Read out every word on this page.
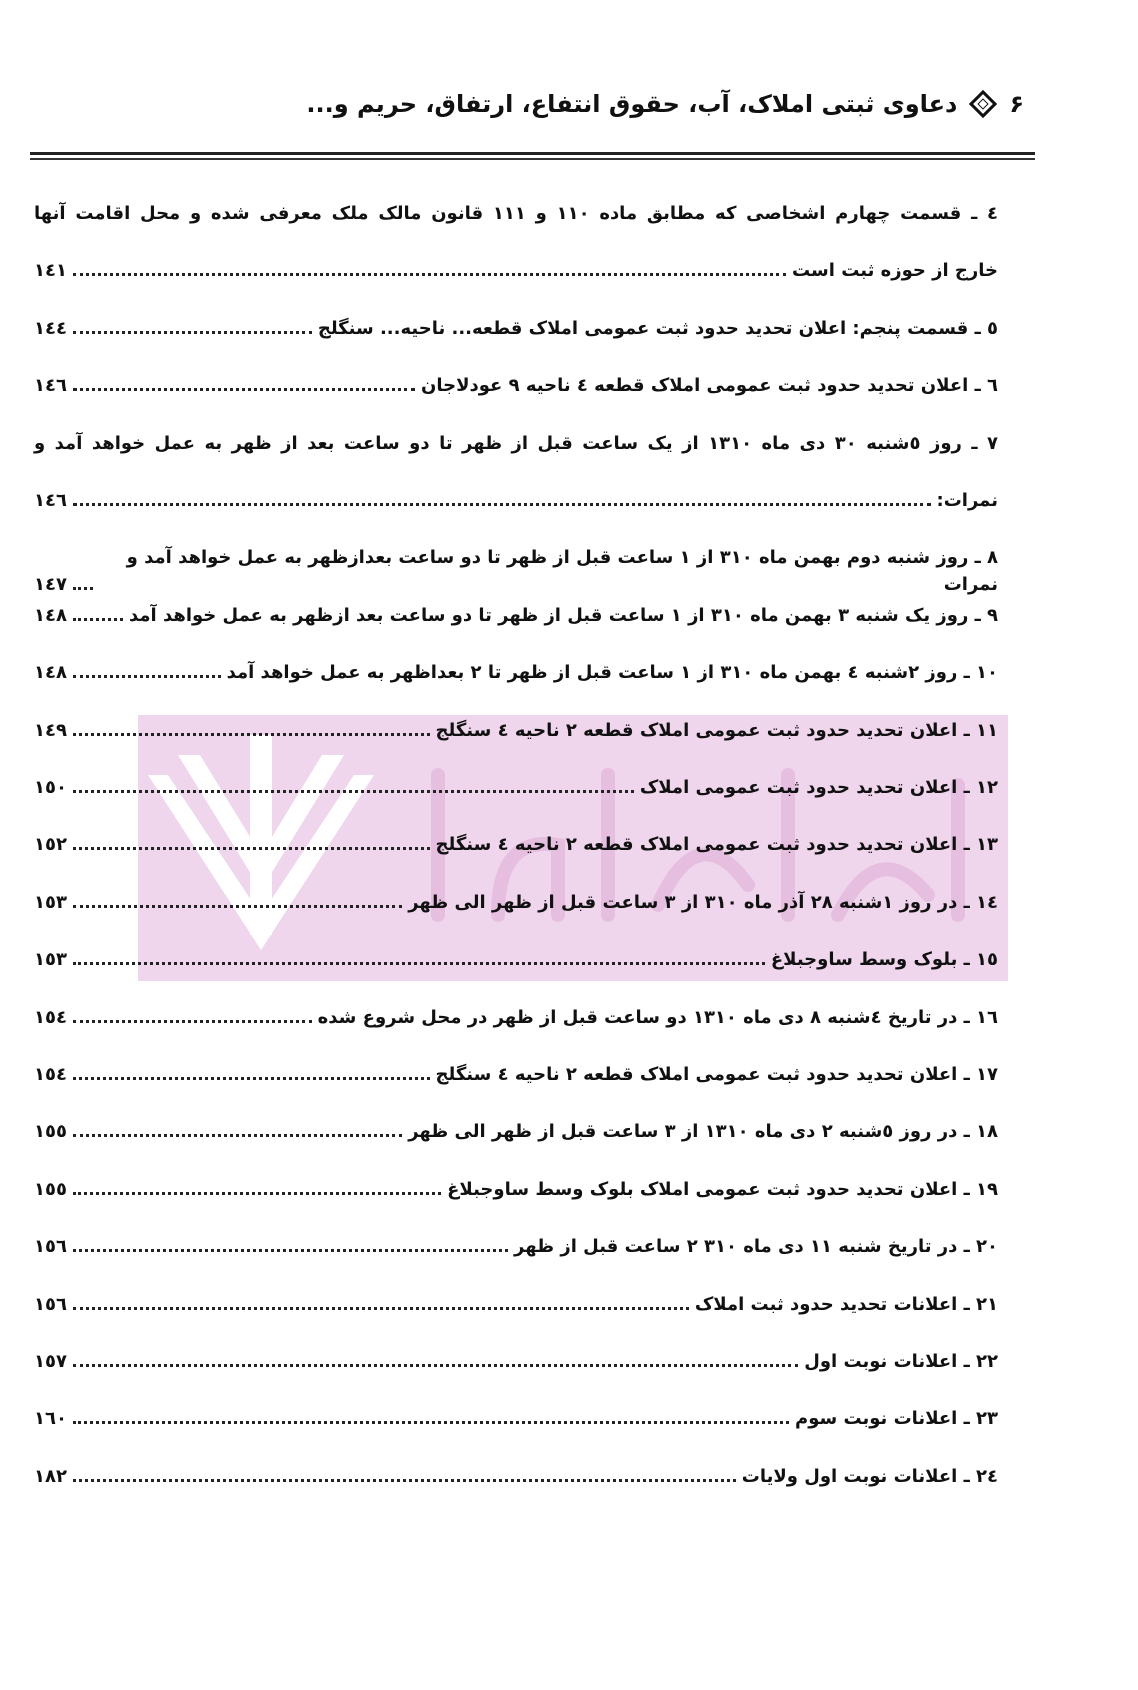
۶
دعاوی ثبتی املاک، آب، حقوق انتفاع، ارتفاق، حریم و...
٤ ـ قسمت چهارم اشخاصی که مطابق ماده ۱۱۰ و ۱۱۱ قانون مالک ملک معرفی شده و محل اقامت آنها
خارج از حوزه ثبت است
۱٤۱
٥ ـ قسمت پنجم: اعلان تحدید حدود ثبت عمومی املاک قطعه... ناحیه... سنگلج
۱٤٤
٦ ـ اعلان تحدید حدود ثبت عمومی املاک قطعه ٤ ناحیه ۹ عودلاجان
۱٤٦
۷ ـ روز ٥شنبه ۳۰ دی ماه ۱۳۱۰ از یک ساعت قبل از ظهر تا دو ساعت بعد از ظهر به عمل خواهد آمد و
نمرات:
۱٤٦
۸ ـ روز شنبه دوم بهمن ماه ۳۱۰ از ۱ ساعت قبل از ظهر تا دو ساعت بعدازظهر به عمل خواهد آمد و نمرات
۱٤۷
۹ ـ روز یک شنبه ۳ بهمن ماه ۳۱۰ از ۱ ساعت قبل از ظهر تا دو ساعت بعد ازظهر به عمل خواهد آمد
۱٤۸
۱۰ ـ روز ۲شنبه ٤ بهمن ماه ۳۱۰ از ۱ ساعت قبل از ظهر تا ۲ بعداظهر به عمل خواهد آمد
۱٤۸
۱۱ ـ اعلان تحدید حدود ثبت عمومی املاک قطعه ۲ ناحیه ٤ سنگلج
۱٤۹
۱۲ ـ اعلان تحدید حدود ثبت عمومی املاک
۱٥۰
۱۳ ـ اعلان تحدید حدود ثبت عمومی املاک قطعه ۲ ناحیه ٤ سنگلج
۱٥۲
۱٤ ـ در روز ۱شنبه ۲۸ آذر ماه ۳۱۰ از ۳ ساعت قبل از ظهر الی ظهر
۱٥۳
۱٥ ـ بلوک وسط ساوجبلاغ
۱٥۳
۱٦ ـ در تاریخ ٤شنبه ۸ دی ماه ۱۳۱۰ دو ساعت قبل از ظهر در محل شروع شده
۱٥٤
۱۷ ـ اعلان تحدید حدود ثبت عمومی املاک قطعه ۲ ناحیه ٤ سنگلج
۱٥٤
۱۸ ـ در روز ٥شنبه ۲ دی ماه ۱۳۱۰ از ۳ ساعت قبل از ظهر الی ظهر
۱٥٥
۱۹ ـ اعلان تحدید حدود ثبت عمومی املاک بلوک وسط ساوجبلاغ
۱٥٥
۲۰ ـ در تاریخ شنبه ۱۱ دی ماه ۳۱۰ ۲ ساعت قبل از ظهر
۱٥٦
۲۱ ـ اعلانات تحدید حدود ثبت املاک
۱٥٦
۲۲ ـ اعلانات نوبت اول
۱٥۷
۲۳ ـ اعلانات نوبت سوم
۱٦۰
۲٤ ـ اعلانات نوبت اول ولایات
۱۸۲
